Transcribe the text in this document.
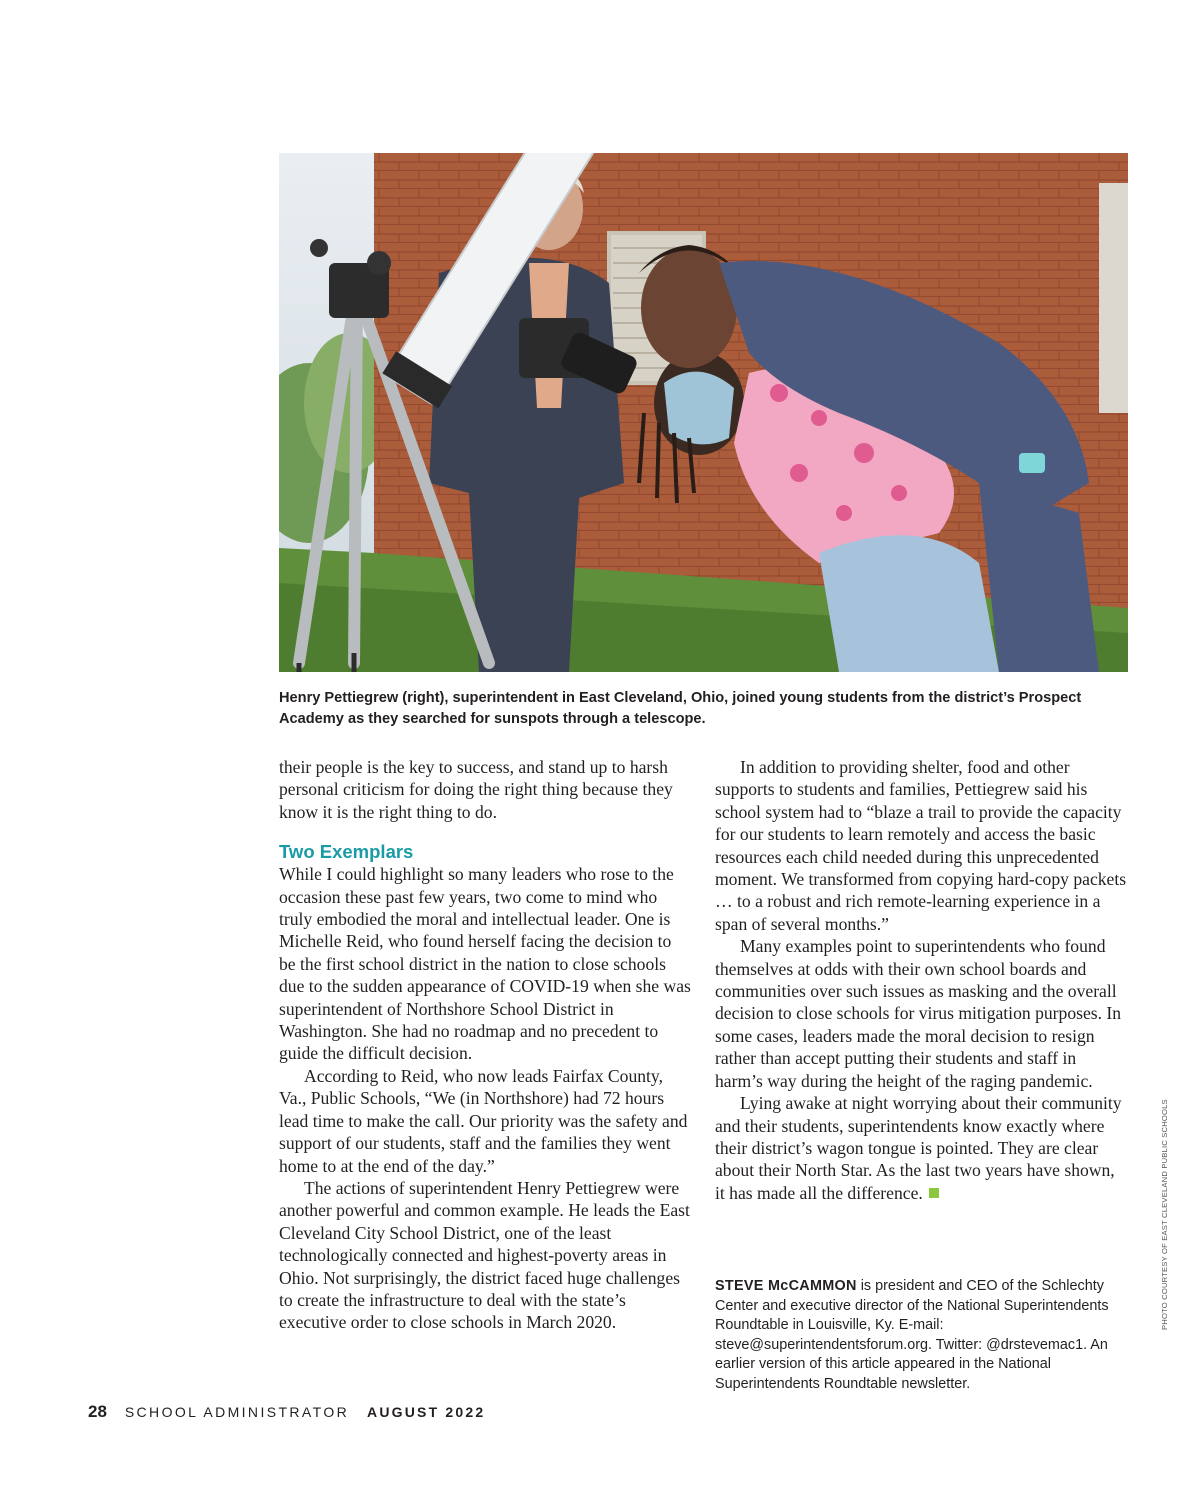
Henry Pettiegrew (right), superintendent in East Cleveland, Ohio, joined young students from the district’s Prospect Academy as they searched for sunspots through a telescope.

their people is the key to success, and stand up to harsh personal criticism for doing the right thing because they know it is the right thing to do.

Two Exemplars

While I could highlight so many leaders who rose to the occasion these past few years, two come to mind who truly embodied the moral and intellectual leader. One is Michelle Reid, who found herself facing the decision to be the first school district in the nation to close schools due to the sudden appearance of COVID-19 when she was superintendent of Northshore School District in Washington. She had no roadmap and no precedent to guide the difficult decision.

According to Reid, who now leads Fairfax County, Va., Public Schools, “We (in Northshore) had 72 hours lead time to make the call. Our priority was the safety and support of our students, staff and the families they went home to at the end of the day.”

The actions of superintendent Henry Pettiegrew were another powerful and common example. He leads the East Cleveland City School District, one of the least technologically connected and highest-poverty areas in Ohio. Not surprisingly, the district faced huge challenges to create the infrastructure to deal with the state’s executive order to close schools in March 2020.

In addition to providing shelter, food and other supports to students and families, Pettiegrew said his school system had to “blaze a trail to provide the capacity for our students to learn remotely and access the basic resources each child needed during this unprecedented moment. We transformed from copying hard-copy packets … to a robust and rich remote-learning experience in a span of several months.”

Many examples point to superintendents who found themselves at odds with their own school boards and communities over such issues as masking and the overall decision to close schools for virus mitigation purposes. In some cases, leaders made the moral decision to resign rather than accept putting their students and staff in harm’s way during the height of the raging pandemic.

Lying awake at night worrying about their community and their students, superintendents know exactly where their district’s wagon tongue is pointed. They are clear about their North Star. As the last two years have shown, it has made all the difference.

STEVE McCAMMON is president and CEO of the Schlechty Center and executive director of the National Superintendents Roundtable in Louisville, Ky. E-mail: steve@superintendentsforum.org. Twitter: @drstevemac1. An earlier version of this article appeared in the National Superintendents Roundtable newsletter.
PHOTO COURTESY OF EAST CLEVELAND PUBLIC SCHOOLS
28 SCHOOL ADMINISTRATOR AUGUST 2022
